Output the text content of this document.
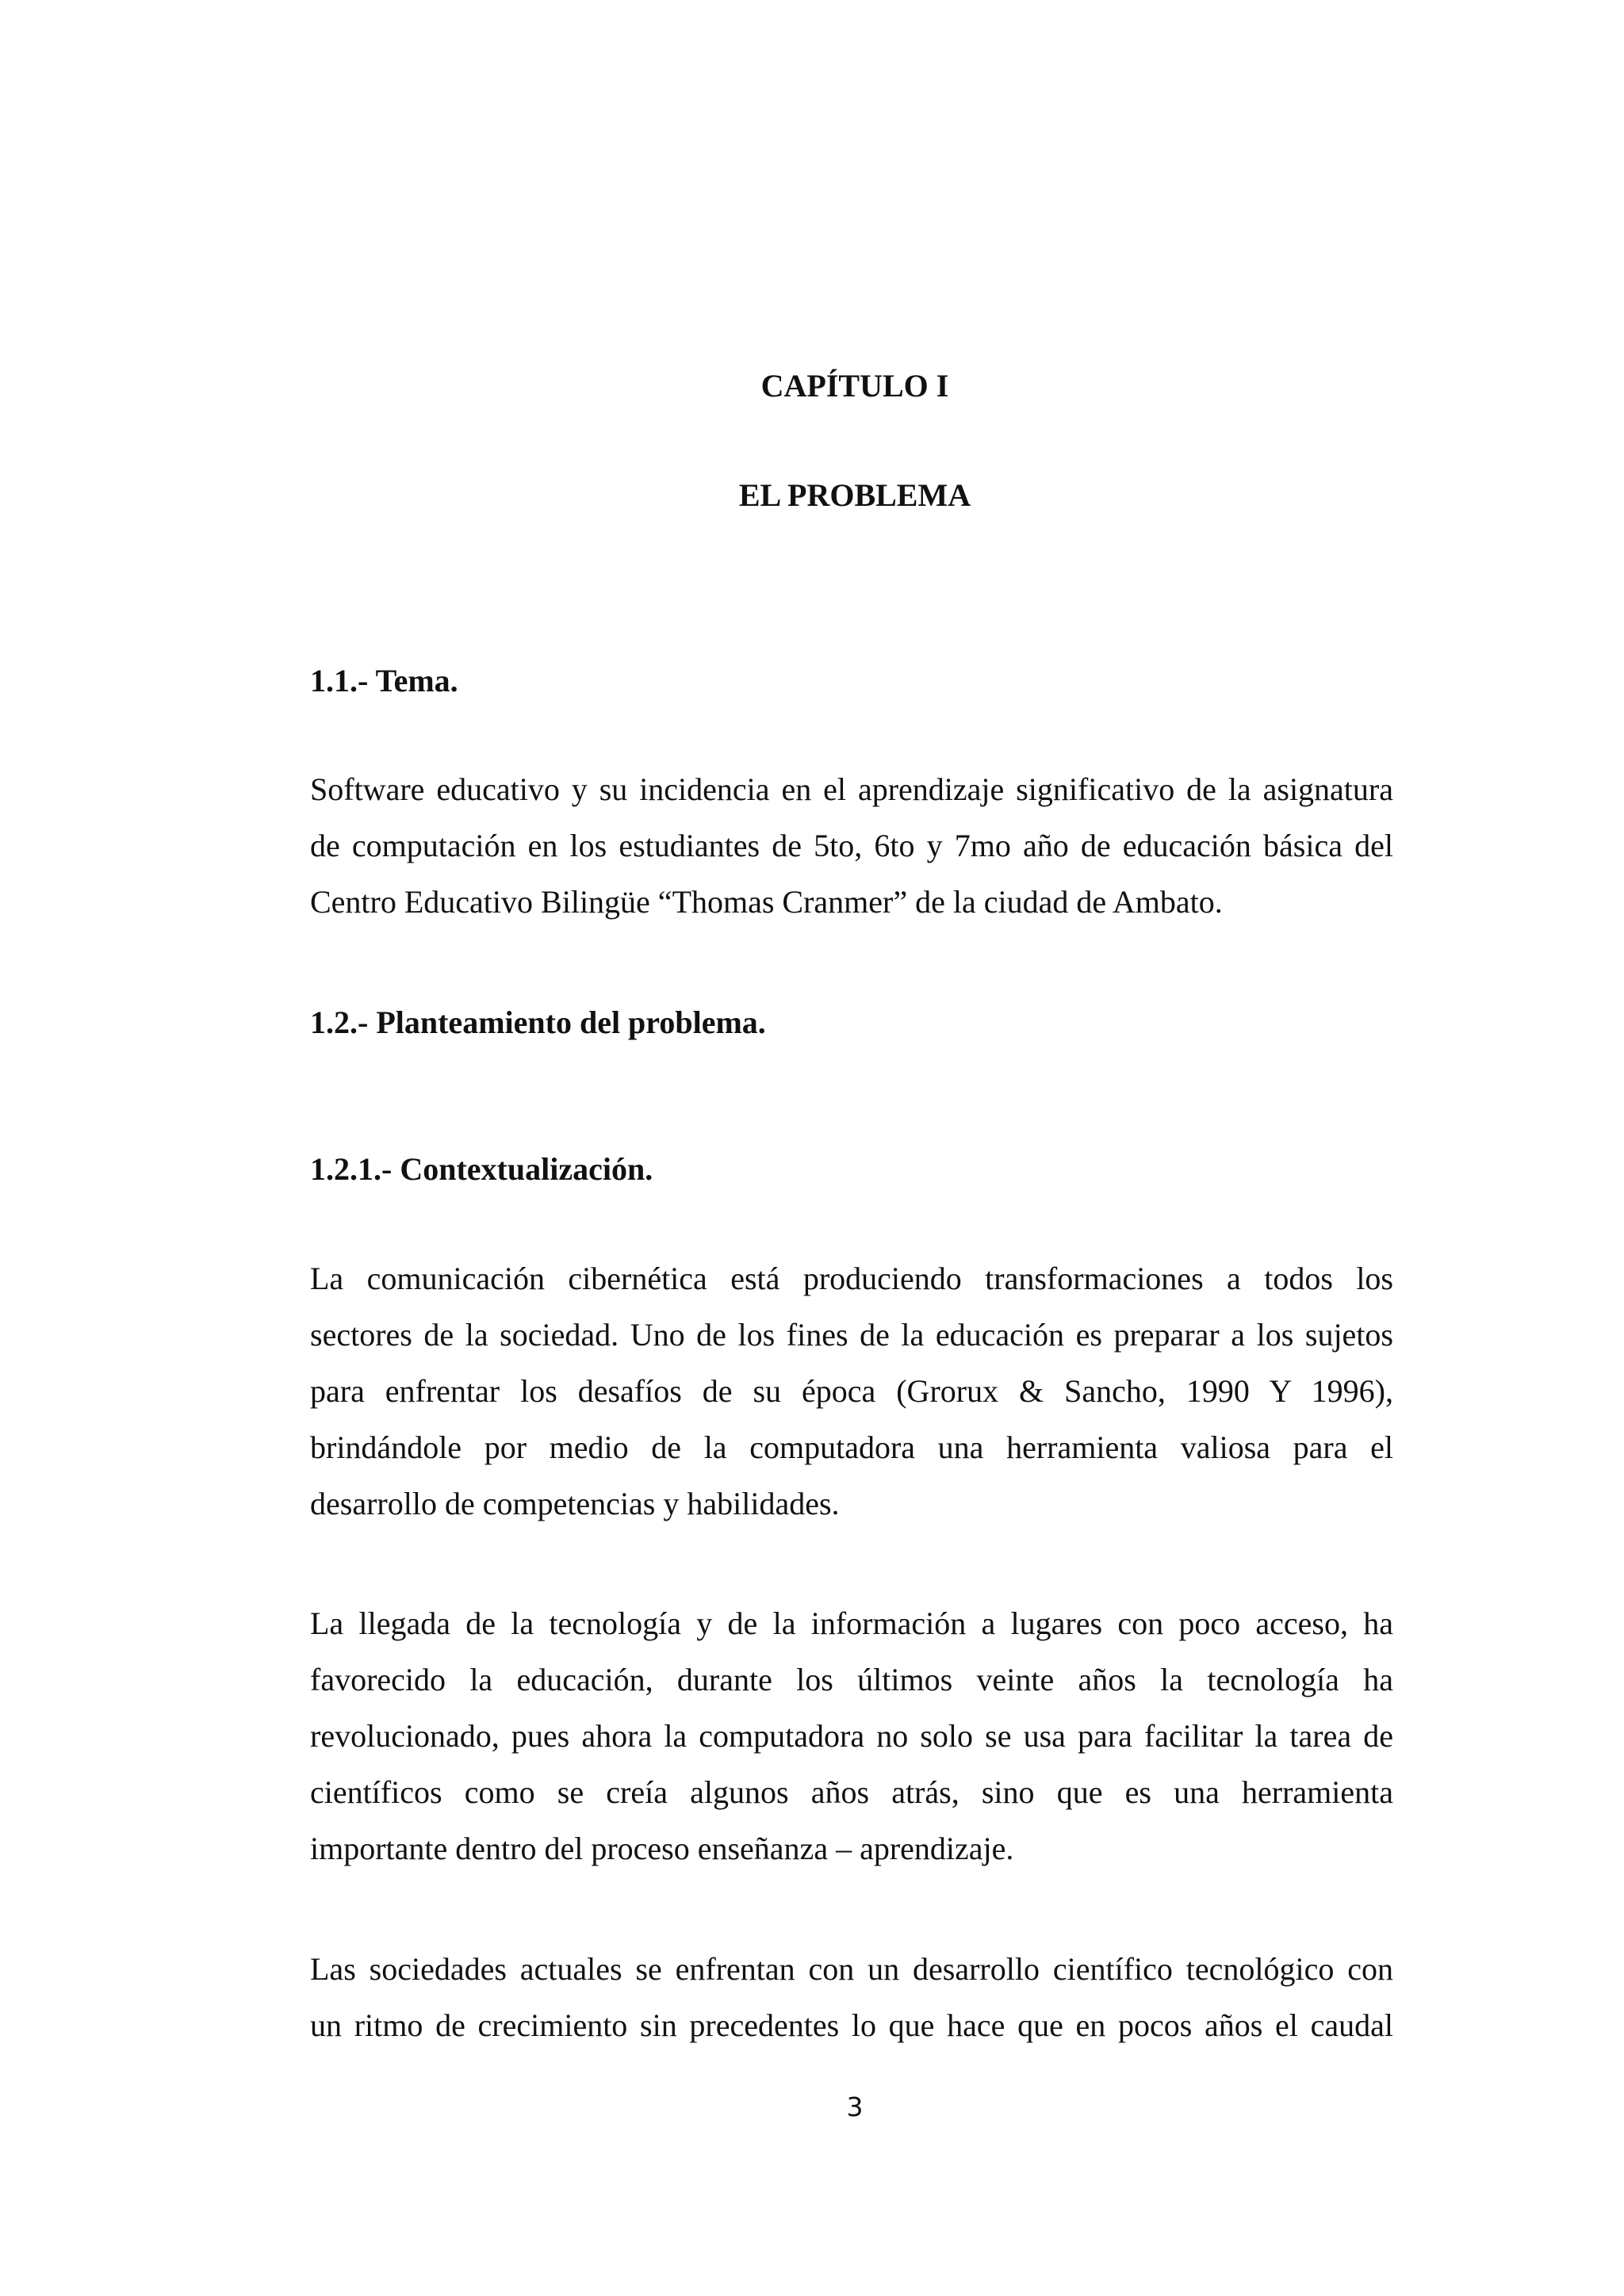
CAPÍTULO I
EL PROBLEMA
1.1.- Tema.
Software educativo y su incidencia en el aprendizaje significativo de la asignatura
de computación en los estudiantes de 5to, 6to y 7mo año de educación básica del
Centro Educativo Bilingüe “Thomas Cranmer” de la ciudad de Ambato.
1.2.- Planteamiento del problema.
1.2.1.- Contextualización.
La comunicación cibernética está produciendo transformaciones a todos los
sectores de la sociedad. Uno de los fines de la educación es preparar a los sujetos
para enfrentar los desafíos de su época (Grorux & Sancho, 1990 Y 1996),
brindándole por medio de la computadora una herramienta valiosa para el
desarrollo de competencias y habilidades.
La llegada de la tecnología y de la información a lugares con poco acceso, ha
favorecido la educación, durante los últimos veinte años la tecnología ha
revolucionado, pues ahora la computadora no solo se usa para facilitar la tarea de
científicos como se creía algunos años atrás, sino que es una herramienta
importante dentro del proceso enseñanza – aprendizaje.
Las sociedades actuales se enfrentan con un desarrollo científico tecnológico con
un ritmo de crecimiento sin precedentes lo que hace que en pocos años el caudal
3
